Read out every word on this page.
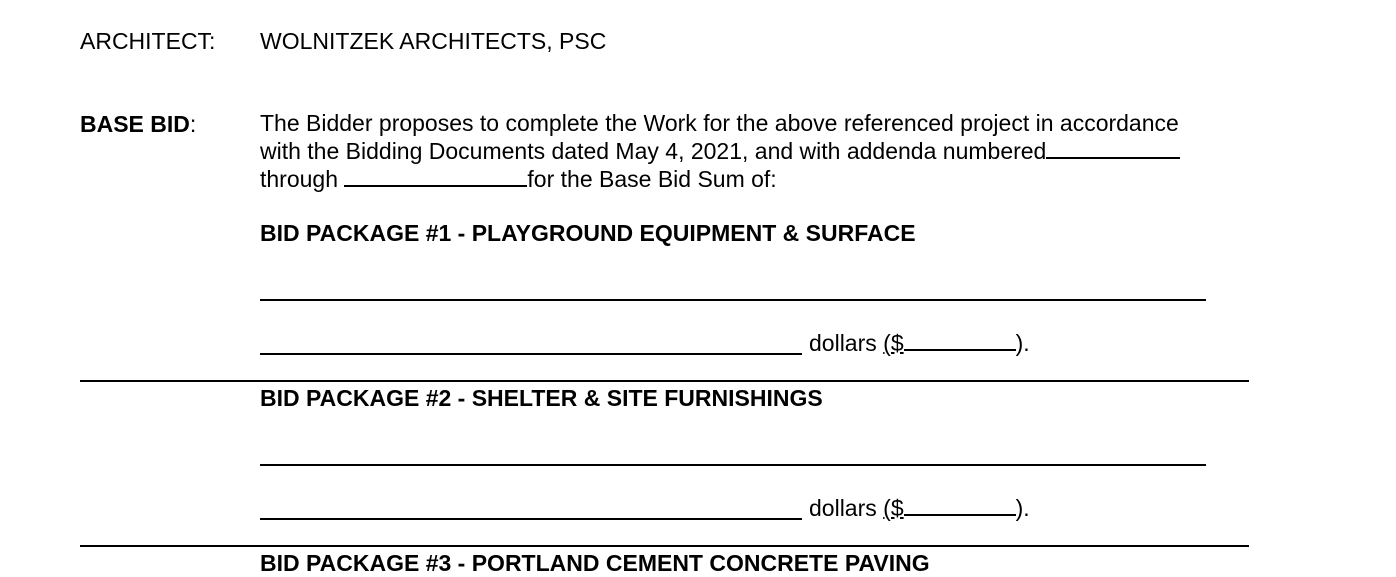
ARCHITECT: WOLNITZEK ARCHITECTS, PSC
BASE BID:	The Bidder proposes to complete the Work for the above referenced project in accordance
with the Bidding Documents dated May 4, 2021, and with addenda numbered
through	for the Base Bid Sum of:
BID PACKAGE #1 - PLAYGROUND EQUIPMENT & SURFACE
dollars ($	).
BID PACKAGE #2 - SHELTER & SITE FURNISHINGS
dollars ($	).
BID PACKAGE #3 - PORTLAND CEMENT CONCRETE PAVING
